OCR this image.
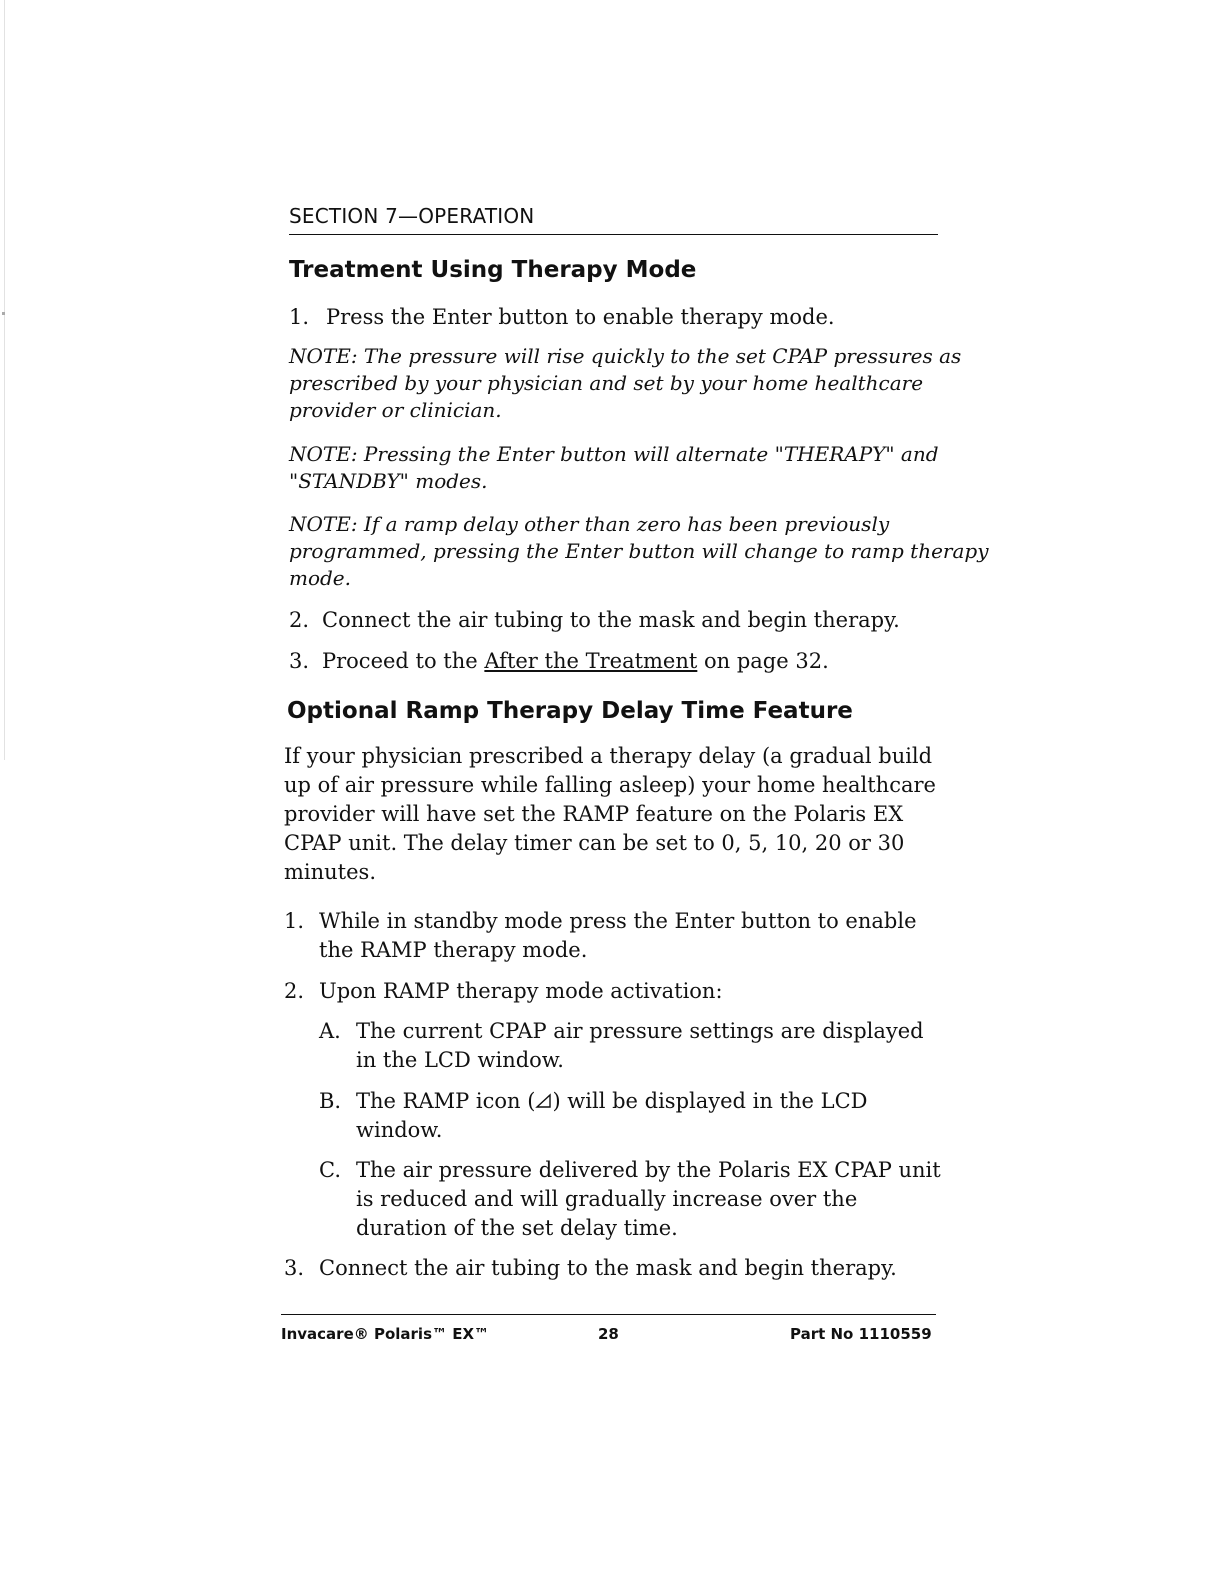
SECTION 7—OPERATION
Treatment Using Therapy Mode
1. Press the Enter button to enable therapy mode.
NOTE: The pressure will rise quickly to the set CPAP pressures as
prescribed by your physician and set by your home healthcare
provider or clinician.
NOTE: Pressing the Enter button will alternate "THERAPY" and
"STANDBY" modes.
NOTE: If a ramp delay other than zero has been previously
programmed, pressing the Enter button will change to ramp therapy
mode.
2. Connect the air tubing to the mask and begin therapy.
3. Proceed to the After the Treatment on page 32.
Optional Ramp Therapy Delay Time Feature
If your physician prescribed a therapy delay (a gradual build
up of air pressure while falling asleep) your home healthcare
provider will have set the RAMP feature on the Polaris EX
CPAP unit. The delay timer can be set to 0, 5, 10, 20 or 30
minutes.
1. While in standby mode press the Enter button to enable
the RAMP therapy mode.
2. Upon RAMP therapy mode activation:
A. The current CPAP air pressure settings are displayed
in the LCD window.
B. The RAMP icon ( ) will be displayed in the LCD
window.
C. The air pressure delivered by the Polaris EX CPAP unit
is reduced and will gradually increase over the
duration of the set delay time.
3. Connect the air tubing to the mask and begin therapy.
Invacare® Polaris™ EX™	28	Part No 1110559
